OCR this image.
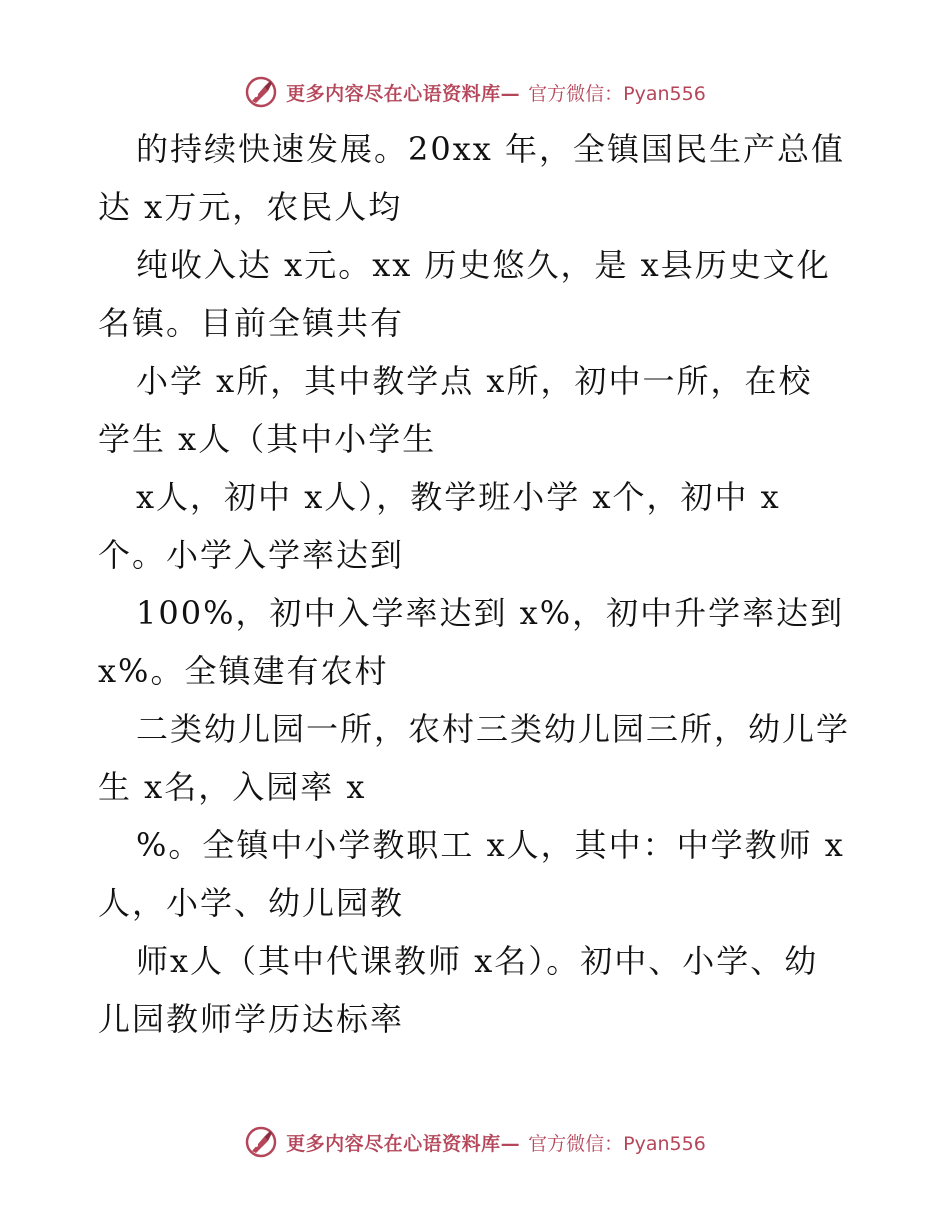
更多内容尽在心语资料库— 官方微信：Pyan556
的持续快速发展。20xx 年，全镇国民生产总值
达 x万元，农民人均
纯收入达 x元。xx 历史悠久，是 x县历史文化
名镇。目前全镇共有
小学 x所，其中教学点 x所，初中一所，在校
学生 x人（其中小学生
x人，初中 x人），教学班小学 x个，初中 x
个。小学入学率达到
100%，初中入学率达到 x%，初中升学率达到
x%。全镇建有农村
二类幼儿园一所，农村三类幼儿园三所，幼儿学
生 x名，入园率 x
%。全镇中小学教职工 x人，其中：中学教师 x
人，小学、幼儿园教
师x人（其中代课教师 x名）。初中、小学、幼
儿园教师学历达标率
更多内容尽在心语资料库— 官方微信：Pyan556
